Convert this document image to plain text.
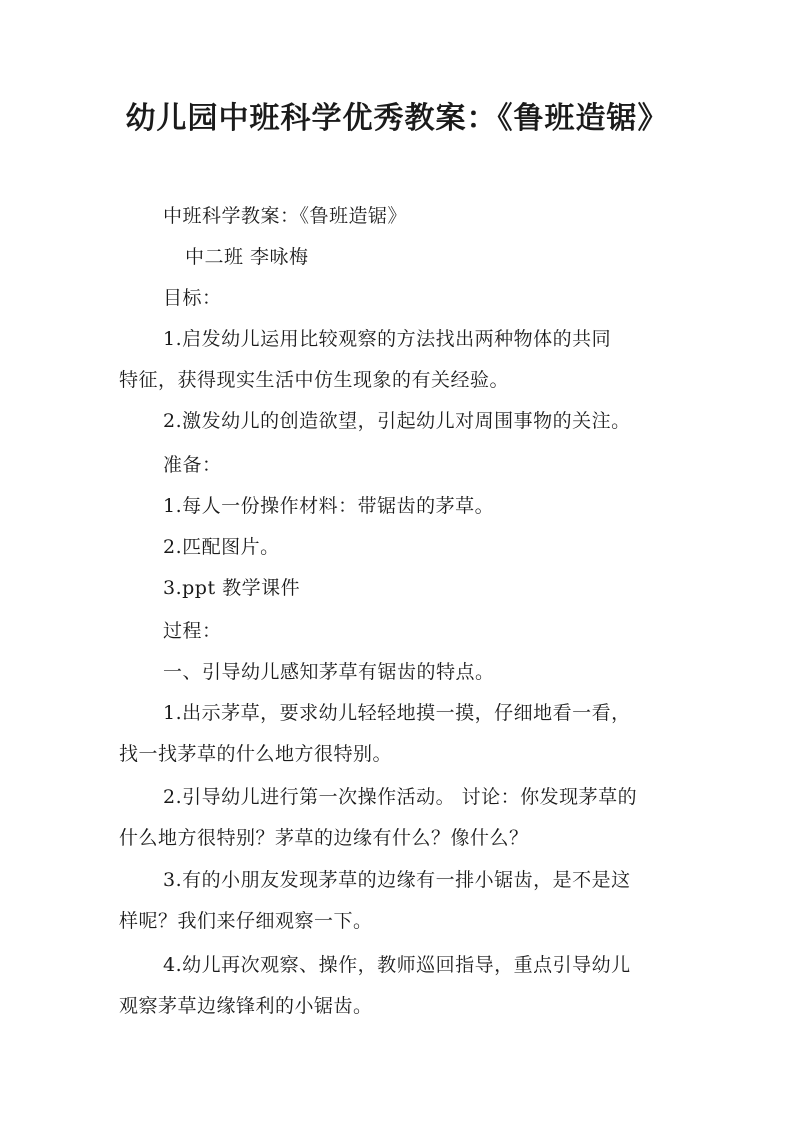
幼儿园中班科学优秀教案：《鲁班造锯》
中班科学教案：《鲁班造锯》
中二班 李咏梅
目标：
1.启发幼儿运用比较观察的方法找出两种物体的共同
特征，获得现实生活中仿生现象的有关经验。
2.激发幼儿的创造欲望，引起幼儿对周围事物的关注。
准备：
1.每人一份操作材料：带锯齿的茅草。
2.匹配图片。
3.ppt 教学课件
过程：
一、引导幼儿感知茅草有锯齿的特点。
1.出示茅草，要求幼儿轻轻地摸一摸，仔细地看一看，
找一找茅草的什么地方很特别。
2.引导幼儿进行第一次操作活动。 讨论：你发现茅草的
什么地方很特别？茅草的边缘有什么？像什么？
3.有的小朋友发现茅草的边缘有一排小锯齿，是不是这
样呢？我们来仔细观察一下。
4.幼儿再次观察、操作，教师巡回指导，重点引导幼儿
观察茅草边缘锋利的小锯齿。
